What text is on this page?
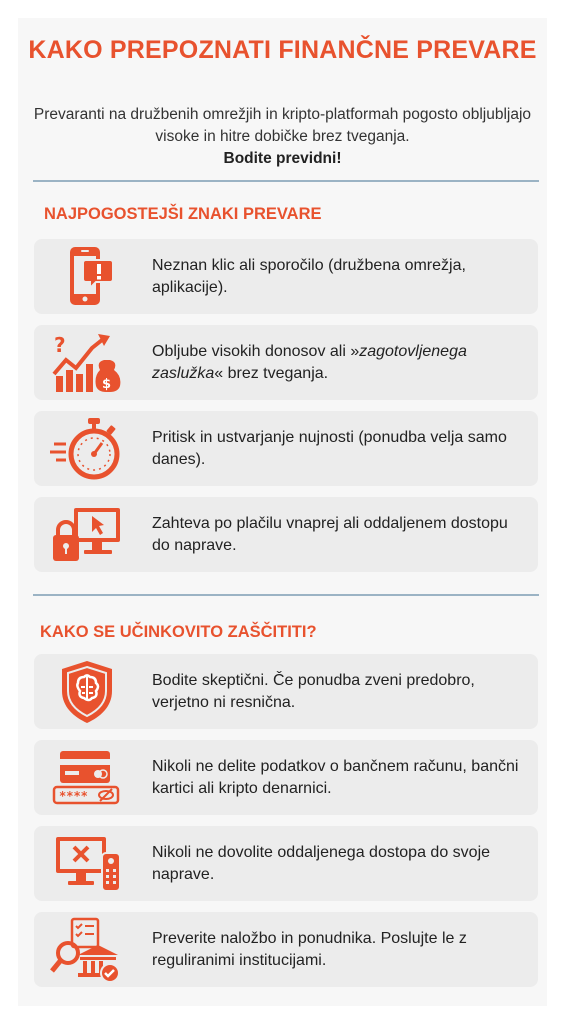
KAKO PREPOZNATI FINANČNE PREVARE
Prevaranti na družbenih omrežjih in kripto-platformah pogosto obljubljajo visoke in hitre dobičke brez tveganja.
Bodite previdni!
NAJPOGOSTEJŠI ZNAKI PREVARE
Neznan klic ali sporočilo (družbena omrežja, aplikacije).
?
$
Obljube visokih donosov ali »zagotovljenega zaslužka« brez tveganja.
Pritisk in ustvarjanje nujnosti (ponudba velja samo danes).
Zahteva po plačilu vnaprej ali oddaljenem dostopu do naprave.
KAKO SE UČINKOVITO ZAŠČITITI?
Bodite skeptični. Če ponudba zveni predobro, verjetno ni resnična.
****
Nikoli ne delite podatkov o bančnem računu, bančni kartici ali kripto denarnici.
Nikoli ne dovolite oddaljenega dostopa do svoje naprave.
Preverite naložbo in ponudnika. Poslujte le z reguliranimi institucijami.
